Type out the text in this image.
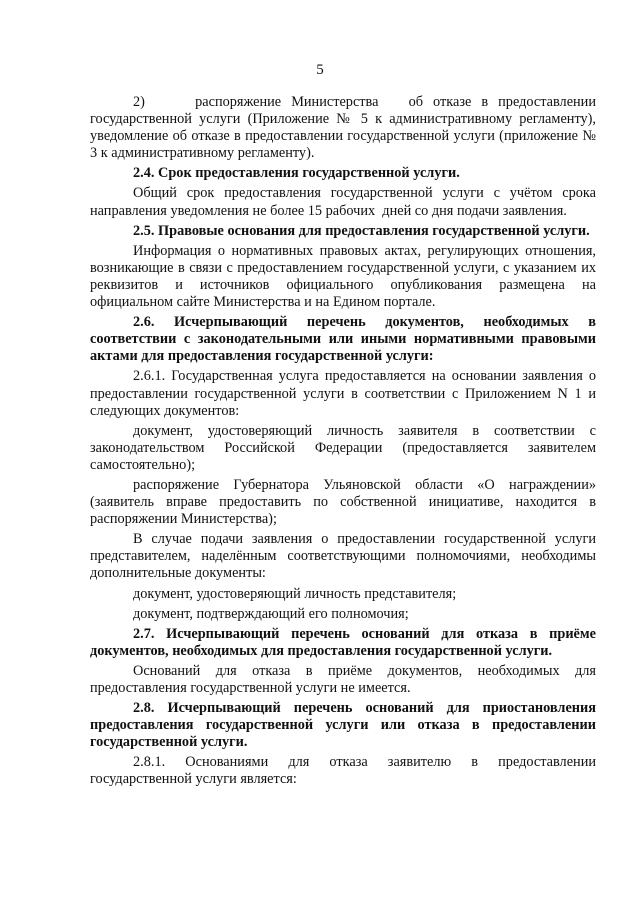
5

2)     распоряжение Министерства   об отказе в предоставлении государственной услуги (Приложение № 5 к административному регламенту), уведомление об отказе в предоставлении государственной услуги (приложение № 3 к административному регламенту).

2.4. Срок предоставления государственной услуги.

Общий срок предоставления государственной услуги с учётом срока направления уведомления не более 15 рабочих  дней со дня подачи заявления.

2.5. Правовые основания для предоставления государственной услуги.

Информация о нормативных правовых актах, регулирующих отношения, возникающие в связи с предоставлением государственной услуги, с указанием их реквизитов и источников официального опубликования размещена на официальном сайте Министерства и на Едином портале.

2.6. Исчерпывающий перечень документов, необходимых в соответствии с законодательными или иными нормативными правовыми актами для предоставления государственной услуги:

2.6.1. Государственная услуга предоставляется на основании заявления о предоставлении государственной услуги в соответствии с Приложением N 1 и следующих документов:

документ, удостоверяющий личность заявителя в соответствии с законодательством Российской Федерации (предоставляется заявителем самостоятельно);

распоряжение Губернатора Ульяновской области «О награждении» (заявитель вправе предоставить по собственной инициативе, находится в распоряжении Министерства);

В случае подачи заявления о предоставлении государственной услуги представителем, наделённым соответствующими полномочиями, необходимы дополнительные документы:

документ, удостоверяющий личность представителя;

документ, подтверждающий его полномочия;

2.7. Исчерпывающий перечень оснований для отказа в приёме документов, необходимых для предоставления государственной услуги.

Оснований для отказа в приёме документов, необходимых для предоставления государственной услуги не имеется.

2.8. Исчерпывающий перечень оснований для приостановления предоставления государственной услуги или отказа в предоставлении государственной услуги.

2.8.1. Основаниями для отказа заявителю в предоставлении государственной услуги является:
